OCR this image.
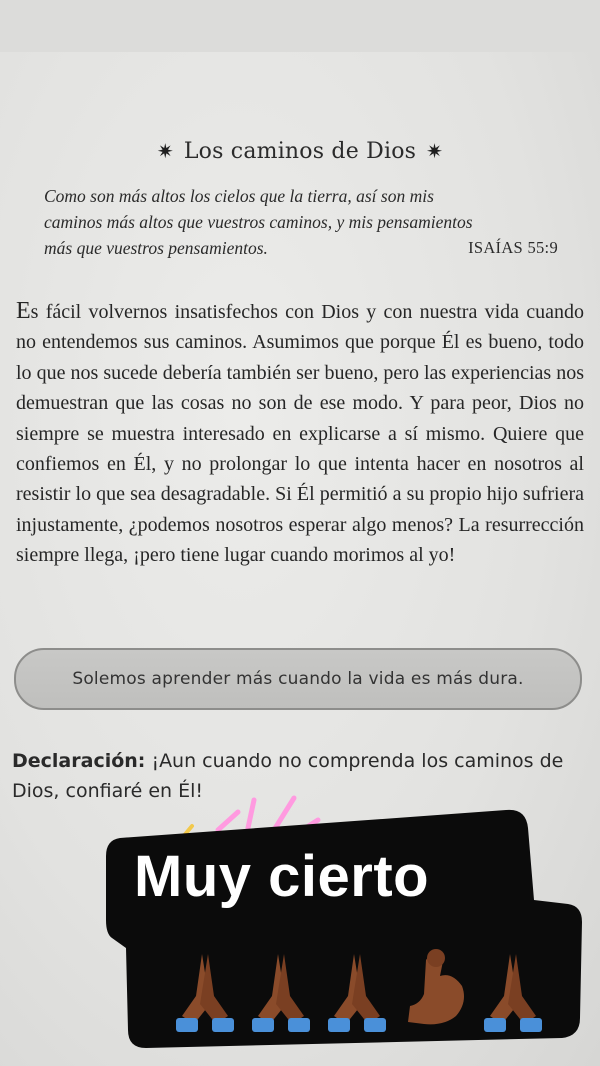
✷ Los caminos de Dios ✷
Como son más altos los cielos que la tierra, así son mis
caminos más altos que vuestros caminos, y mis pensamientos
más que vuestros pensamientos.	ISAÍAS 55:9
Es fácil volvernos insatisfechos con Dios y con nuestra vida cuando no entendemos sus caminos. Asumimos que porque Él es bueno, todo lo que nos sucede debería también ser bueno, pero las experiencias nos demuestran que las cosas no son de ese modo. Y para peor, Dios no siempre se muestra interesado en explicarse a sí mismo. Quiere que confiemos en Él, y no prolongar lo que intenta hacer en nosotros al resistir lo que sea desagradable. Si Él permitió a su propio hijo sufriera injustamente, ¿podemos nosotros esperar algo menos? La resurrección siempre llega, ¡pero tiene lugar cuando morimos al yo!
Solemos aprender más cuando la vida es más dura.
Declaración: ¡Aun cuando no comprenda los caminos de Dios, confiaré en Él!
Muy cierto
